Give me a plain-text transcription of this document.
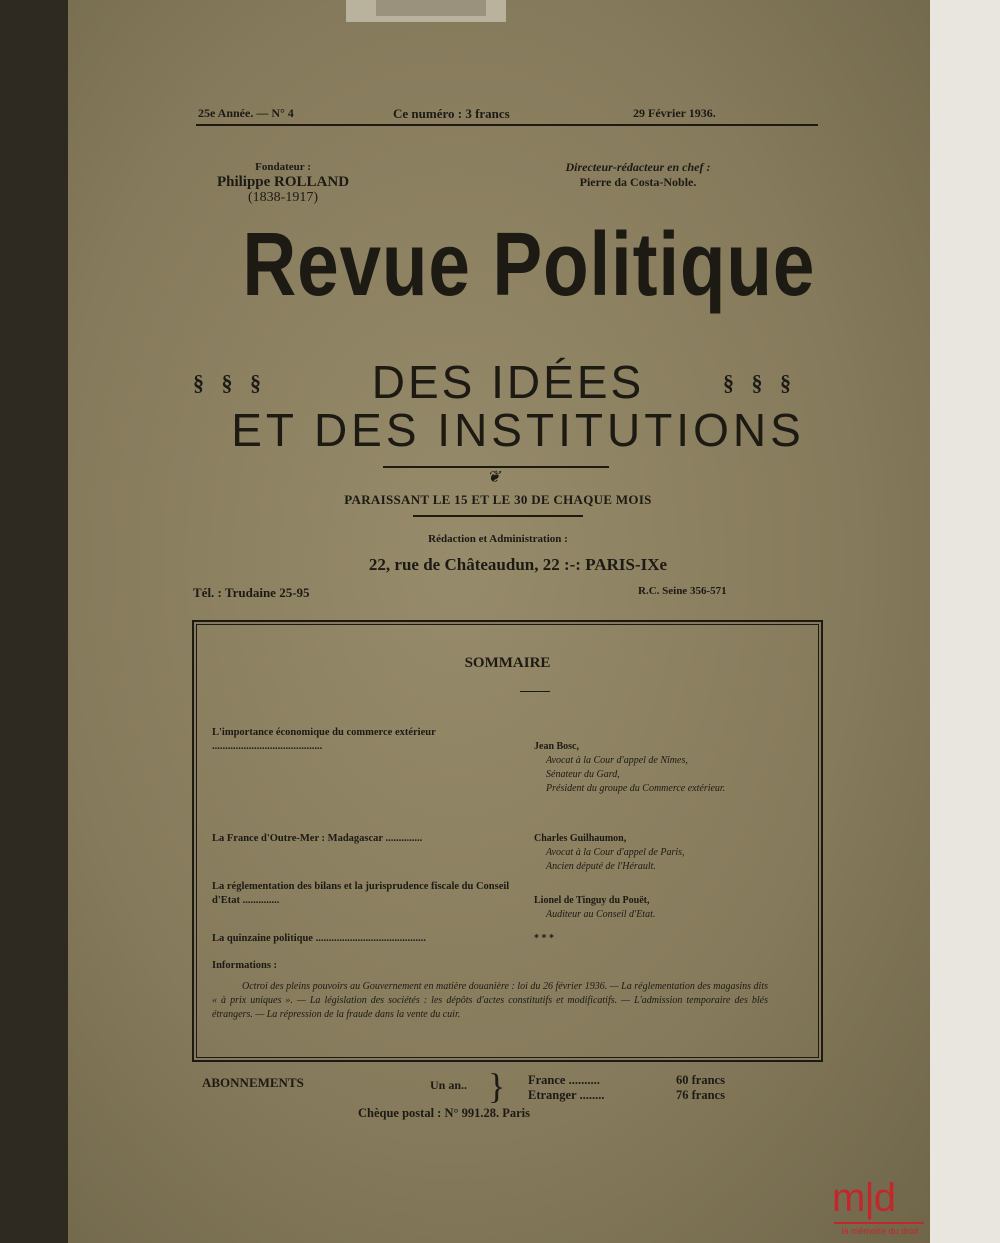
25e Année. — N° 4	Ce numéro : 3 francs	29 Février 1936.
Fondateur :
Philippe ROLLAND
(1838-1917)
Directeur-rédacteur en chef :
Pierre da Costa-Noble.
Revue Politique
§ § §	DES IDÉES	§ § §
ET DES INSTITUTIONS
❦
PARAISSANT LE 15 ET LE 30 DE CHAQUE MOIS
Rédaction et Administration :
22, rue de Châteaudun, 22 :-: PARIS-IXe
Tél. : Trudaine 25-95	R.C. Seine 356-571
SOMMAIRE
L'importance économique du commerce extérieur ..........................................	Jean Bosc,
Avocat à la Cour d'appel de Nîmes,
Sénateur du Gard,
Président du groupe du Commerce extérieur.
La France d'Outre-Mer : Madagascar ..............	Charles Guilhaumon,
Avocat à la Cour d'appel de Paris,
Ancien député de l'Hérault.
La réglementation des bilans et la jurisprudence fiscale du Conseil d'Etat ..............	Lionel de Tinguy du Pouët,
Auditeur au Conseil d'Etat.
La quinzaine politique ..........................................	* * *
Informations :
Octroi des pleins pouvoirs au Gouvernement en matière douanière : loi du 26 février 1936. — La réglementation des magasins dits « à prix uniques ». — La législation des sociétés : les dépôts d'actes constitutifs et modificatifs. — L'admission temporaire des blés étrangers. — La répression de la fraude dans la vente du cuir.
ABONNEMENTS	Un an.. } France ..........	60 francs
Etranger ........	76 francs
Chèque postal : N° 991.28. Paris
m|d
la mémoire du droit
